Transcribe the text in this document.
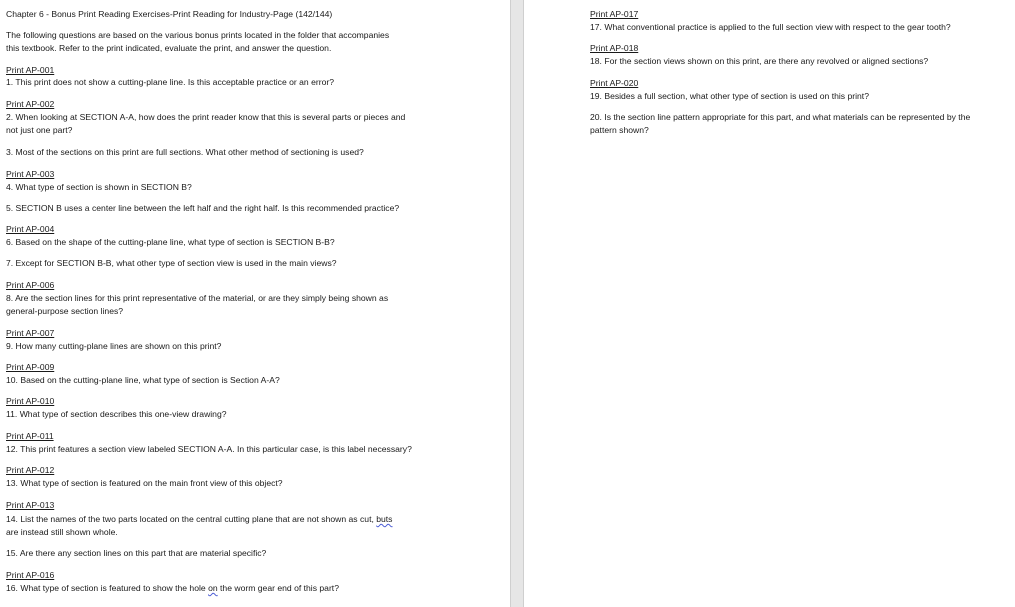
Chapter 6 - Bonus Print Reading Exercises-Print Reading for Industry-Page (142/144)
The following questions are based on the various bonus prints located in the folder that accompanies
this textbook. Refer to the print indicated, evaluate the print, and answer the question.
Print AP-001
1. This print does not show a cutting-plane line. Is this acceptable practice or an error?
Print AP-002
2. When looking at SECTION A-A, how does the print reader know that this is several parts or pieces and
not just one part?
3. Most of the sections on this print are full sections. What other method of sectioning is used?
Print AP-003
4. What type of section is shown in SECTION B?
5. SECTION B uses a center line between the left half and the right half. Is this recommended practice?
Print AP-004
6. Based on the shape of the cutting-plane line, what type of section is SECTION B-B?
7. Except for SECTION B-B, what other type of section view is used in the main views?
Print AP-006
8. Are the section lines for this print representative of the material, or are they simply being shown as
general-purpose section lines?
Print AP-007
9. How many cutting-plane lines are shown on this print?
Print AP-009
10. Based on the cutting-plane line, what type of section is Section A-A?
Print AP-010
11. What type of section describes this one-view drawing?
Print AP-011
12. This print features a section view labeled SECTION A-A. In this particular case, is this label necessary?
Print AP-012
13. What type of section is featured on the main front view of this object?
Print AP-013
14. List the names of the two parts located on the central cutting plane that are not shown as cut, buts
are instead still shown whole.
15. Are there any section lines on this part that are material specific?
Print AP-016
16. What type of section is featured to show the hole on the worm gear end of this part?
Print AP-017
17. What conventional practice is applied to the full section view with respect to the gear tooth?
Print AP-018
18. For the section views shown on this print, are there any revolved or aligned sections?
Print AP-020
19. Besides a full section, what other type of section is used on this print?
20. Is the section line pattern appropriate for this part, and what materials can be represented by the
pattern shown?
